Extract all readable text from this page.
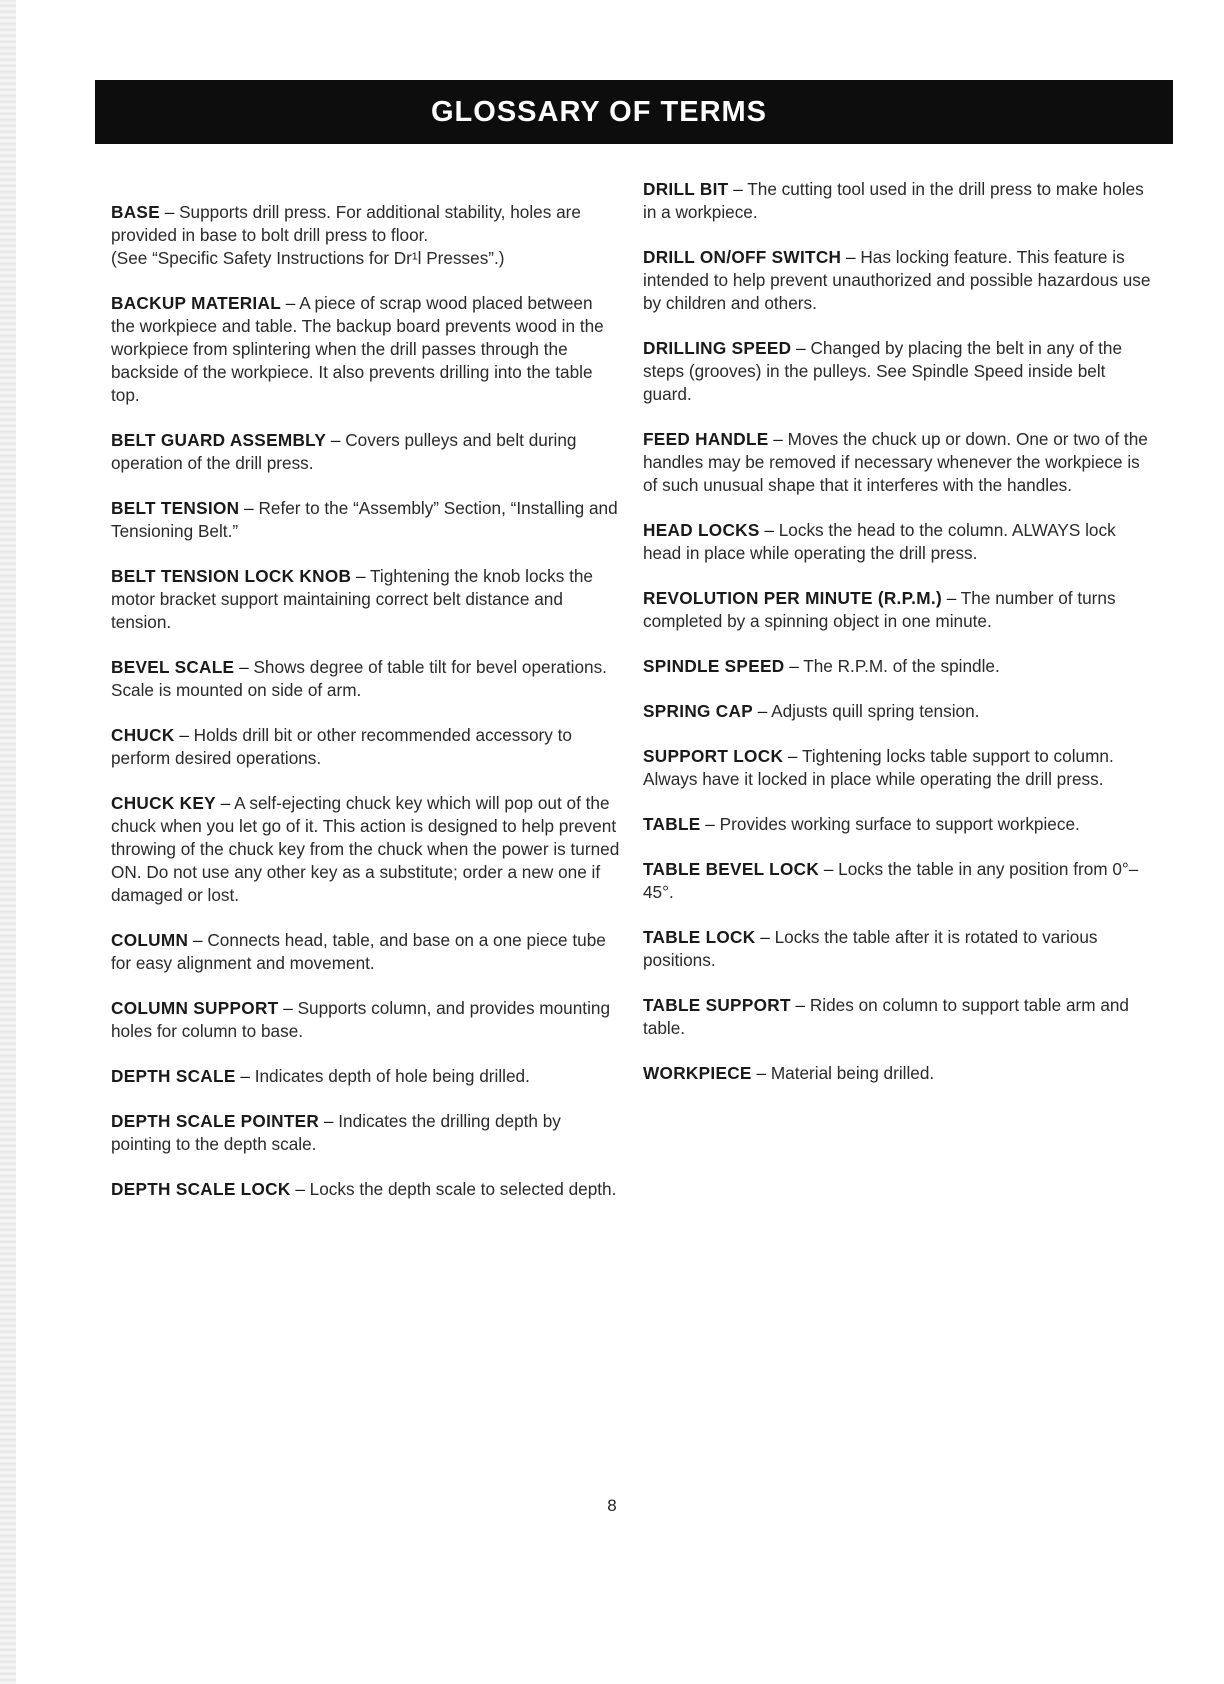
GLOSSARY OF TERMS

BASE – Supports drill press. For additional stability, holes are provided in base to bolt drill press to floor.
(See “Specific Safety Instructions for Dr¹l Presses”.)

BACKUP MATERIAL – A piece of scrap wood placed between the workpiece and table. The backup board prevents wood in the workpiece from splintering when the drill passes through the backside of the workpiece. It also prevents drilling into the table top.
BELT GUARD ASSEMBLY – Covers pulleys and belt during operation of the drill press.
BELT TENSION – Refer to the “Assembly” Section, “Installing and Tensioning Belt.”
BELT TENSION LOCK KNOB – Tightening the knob locks the motor bracket support maintaining correct belt distance and tension.
BEVEL SCALE – Shows degree of table tilt for bevel operations. Scale is mounted on side of arm.
CHUCK – Holds drill bit or other recommended accessory to perform desired operations.
CHUCK KEY – A self-ejecting chuck key which will pop out of the chuck when you let go of it. This action is designed to help prevent throwing of the chuck key from the chuck when the power is turned ON. Do not use any other key as a substitute; order a new one if damaged or lost.
COLUMN – Connects head, table, and base on a one piece tube for easy alignment and movement.
COLUMN SUPPORT – Supports column, and provides mounting holes for column to base.
DEPTH SCALE – Indicates depth of hole being drilled.
DEPTH SCALE POINTER – Indicates the drilling depth by pointing to the depth scale.
DEPTH SCALE LOCK – Locks the depth scale to selected depth.
DRILL BIT – The cutting tool used in the drill press to make holes in a workpiece.
DRILL ON/OFF SWITCH – Has locking feature. This feature is intended to help prevent unauthorized and possible hazardous use by children and others.
DRILLING SPEED – Changed by placing the belt in any of the steps (grooves) in the pulleys. See Spindle Speed inside belt guard.
FEED HANDLE – Moves the chuck up or down. One or two of the handles may be removed if necessary whenever the workpiece is of such unusual shape that it interferes with the handles.
HEAD LOCKS – Locks the head to the column. ALWAYS lock head in place while operating the drill press.
REVOLUTION PER MINUTE (R.P.M.) – The number of turns completed by a spinning object in one minute.
SPINDLE SPEED – The R.P.M. of the spindle.
SPRING CAP – Adjusts quill spring tension.
SUPPORT LOCK – Tightening locks table support to column. Always have it locked in place while operating the drill press.
TABLE – Provides working surface to support workpiece.
TABLE BEVEL LOCK – Locks the table in any position from 0°– 45°.
TABLE LOCK – Locks the table after it is rotated to various positions.
TABLE SUPPORT – Rides on column to support table arm and table.
WORKPIECE – Material being drilled.
8
